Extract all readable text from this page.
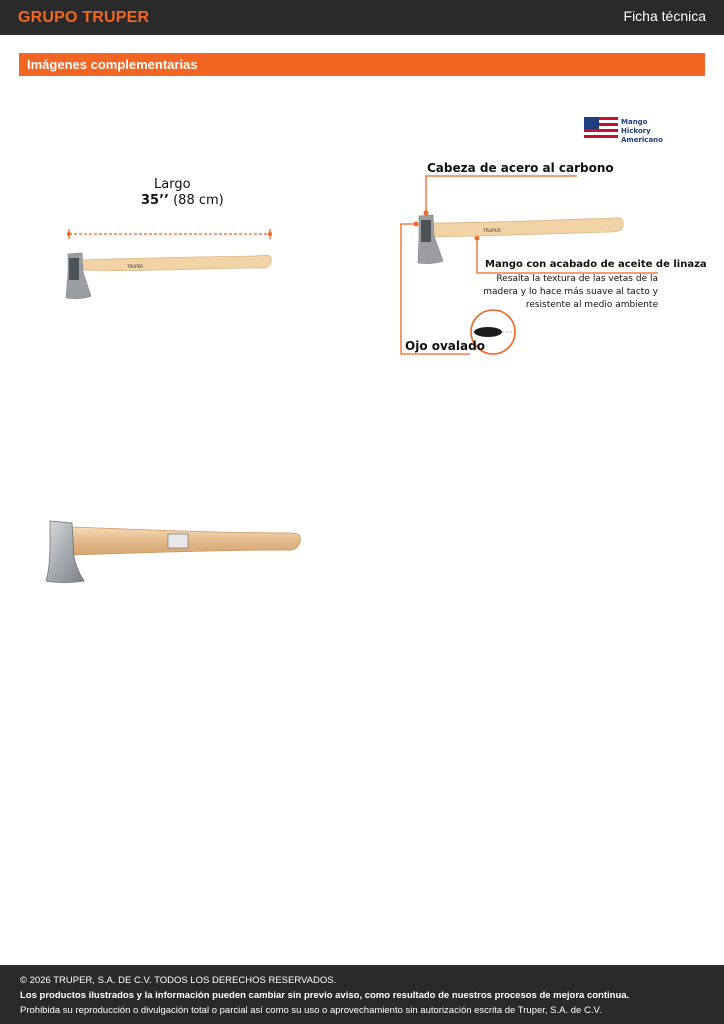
GRUPO TRUPER	Ficha técnica
Imágenes complementarias
Largo
35’’ (88 cm)
TRUPER
Mango
Hickory
Americano
Cabeza de acero al carbono
TRUPER
Mango con acabado de aceite de linaza
Resalta la textura de las vetas de la
madera y lo hace más suave al tacto y
resistente al medio ambiente
Ojo ovalado
© 2026 TRUPER, S.A. DE C.V. TODOS LOS DERECHOS RESERVADOS.
Los productos ilustrados y la información pueden cambiar sin previo aviso, como resultado de nuestros procesos de mejora continua.
Prohibida su reproducción o divulgación total o parcial así como su uso o aprovechamiento sin autorización escrita de Truper, S.A. de C.V.
